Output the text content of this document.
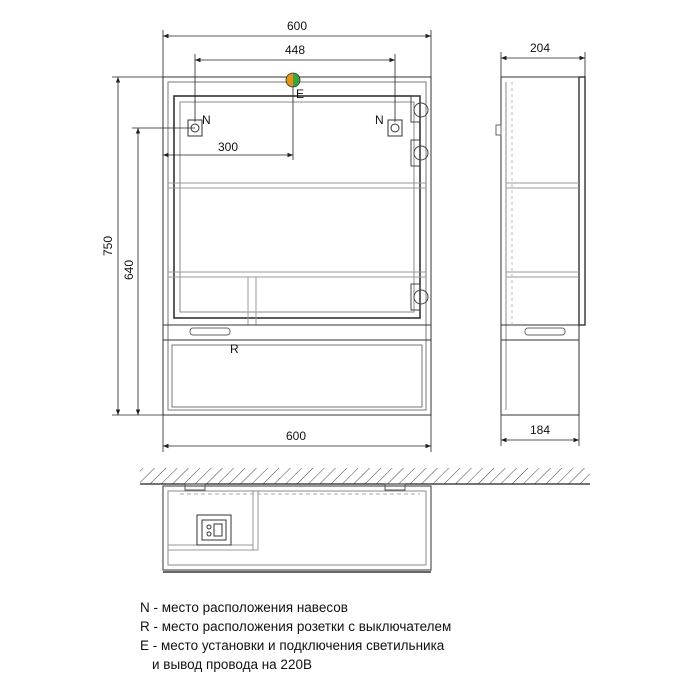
N	N
E
R
600
448
300
600
750
640
204
184
N - место расположения навесов
R - место расположения розетки с выключателем
E - место установки и подключения светильника
и вывод провода на 220В
